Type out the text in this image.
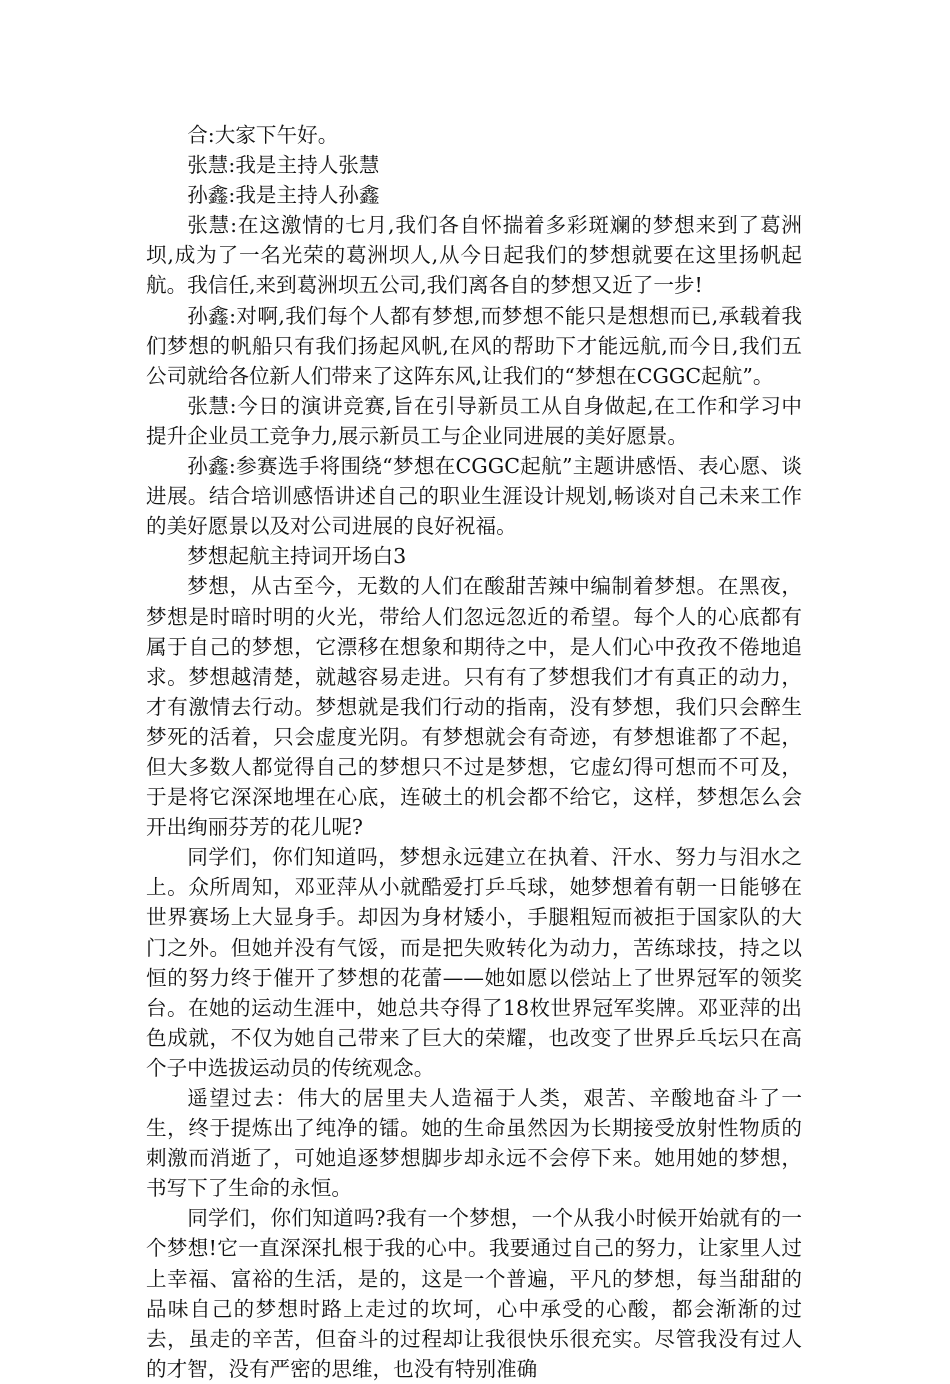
合:大家下午好。

张慧:我是主持人张慧

孙鑫:我是主持人孙鑫

张慧:在这激情的七月,我们各自怀揣着多彩斑斓的梦想来到了葛洲坝,成为了一名光荣的葛洲坝人,从今日起我们的梦想就要在这里扬帆起航。我信任,来到葛洲坝五公司,我们离各自的梦想又近了一步!

孙鑫:对啊,我们每个人都有梦想,而梦想不能只是想想而已,承载着我们梦想的帆船只有我们扬起风帆,在风的帮助下才能远航,而今日,我们五公司就给各位新人们带来了这阵东风,让我们的“梦想在CGGC起航”。

张慧:今日的演讲竞赛,旨在引导新员工从自身做起,在工作和学习中提升企业员工竞争力,展示新员工与企业同进展的美好愿景。

孙鑫:参赛选手将围绕“梦想在CGGC起航”主题讲感悟、表心愿、谈进展。结合培训感悟讲述自己的职业生涯设计规划,畅谈对自己未来工作的美好愿景以及对公司进展的良好祝福。

梦想起航主持词开场白3

梦想，从古至今，无数的人们在酸甜苦辣中编制着梦想。在黑夜，梦想是时暗时明的火光，带给人们忽远忽近的希望。每个人的心底都有属于自己的梦想，它漂移在想象和期待之中，是人们心中孜孜不倦地追求。梦想越清楚，就越容易走进。只有有了梦想我们才有真正的动力，才有激情去行动。梦想就是我们行动的指南，没有梦想，我们只会醉生梦死的活着，只会虚度光阴。有梦想就会有奇迹，有梦想谁都了不起，但大多数人都觉得自己的梦想只不过是梦想，它虚幻得可想而不可及，于是将它深深地埋在心底，连破土的机会都不给它，这样，梦想怎么会开出绚丽芬芳的花儿呢?

同学们，你们知道吗，梦想永远建立在执着、汗水、努力与泪水之上。众所周知，邓亚萍从小就酷爱打乒乓球，她梦想着有朝一日能够在世界赛场上大显身手。却因为身材矮小，手腿粗短而被拒于国家队的大门之外。但她并没有气馁，而是把失败转化为动力，苦练球技，持之以恒的努力终于催开了梦想的花蕾——她如愿以偿站上了世界冠军的领奖台。在她的运动生涯中，她总共夺得了18枚世界冠军奖牌。邓亚萍的出色成就，不仅为她自己带来了巨大的荣耀，也改变了世界乒乓坛只在高个子中选拔运动员的传统观念。

遥望过去：伟大的居里夫人造福于人类，艰苦、辛酸地奋斗了一生，终于提炼出了纯净的镭。她的生命虽然因为长期接受放射性物质的刺激而消逝了，可她追逐梦想脚步却永远不会停下来。她用她的梦想，书写下了生命的永恒。

同学们，你们知道吗?我有一个梦想，一个从我小时候开始就有的一个梦想!它一直深深扎根于我的心中。我要通过自己的努力，让家里人过上幸福、富裕的生活，是的，这是一个普遍，平凡的梦想，每当甜甜的品味自己的梦想时路上走过的坎坷，心中承受的心酸，都会渐渐的过去，虽走的辛苦，但奋斗的过程却让我很快乐很充实。尽管我没有过人的才智，没有严密的思维，也没有特别准确
